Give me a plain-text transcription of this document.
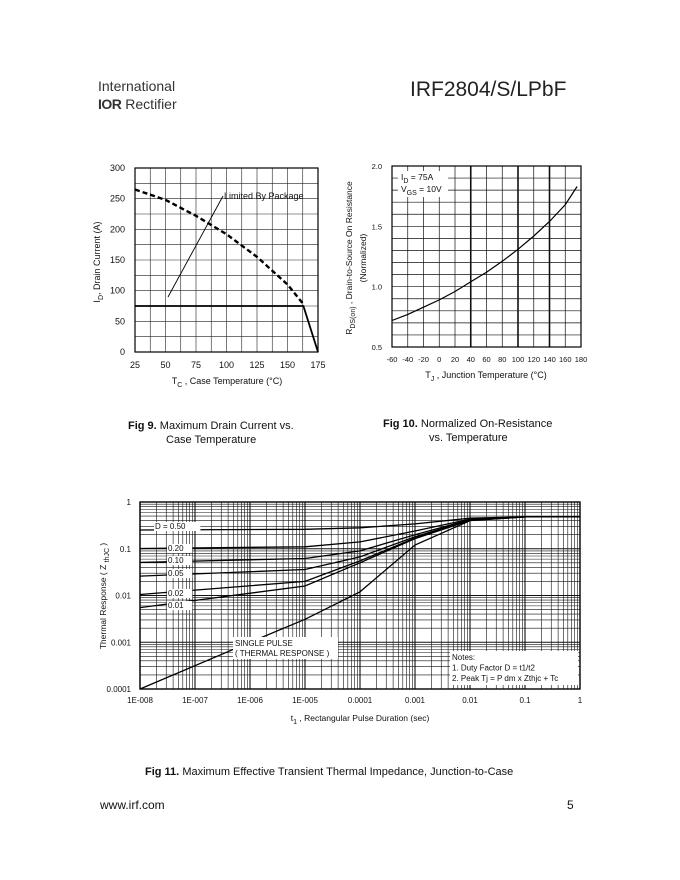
International
IOR Rectifier
IRF2804/S/LPbF
25 50 75 100 125 150 175
0
50
100
150
200
250
300
Limited By Package
$T_C$ , Case Temperature (°C)
$I_D$, Drain Current (A)
-60 -40 -20 0 20 40 60 80 100 120 140 160 180
0.5
1.0
1.5
2.0
$I_D = 75A$
$V_{GS} = 10V$
$T_J$ , Junction Temperature (°C)
$R_{DS(on)}$ , Drain-to-Source On Resistance (Normalized)
1E-008	1E-007	1E-006	1E-005	0.0001	0.001	0.01	0.1	1
0.0001
0.001
0.01
0.1
1
D = 0.50
0.20
0.10
0.05
0.02
0.01
SINGLE PULSE
( THERMAL RESPONSE )	Notes:
1. Duty Factor D = t1/t2
2. Peak Tj = P dm x Zthjc + Tc
$t_1$ , Rectangular Pulse Duration (sec)
Thermal Response ( Z $_{thJC}$ )
Fig 9. Maximum Drain Current vs.
Case Temperature
Fig 10. Normalized On-Resistance
vs. Temperature
Fig 11. Maximum Effective Transient Thermal Impedance, Junction-to-Case
www.irf.com	5
